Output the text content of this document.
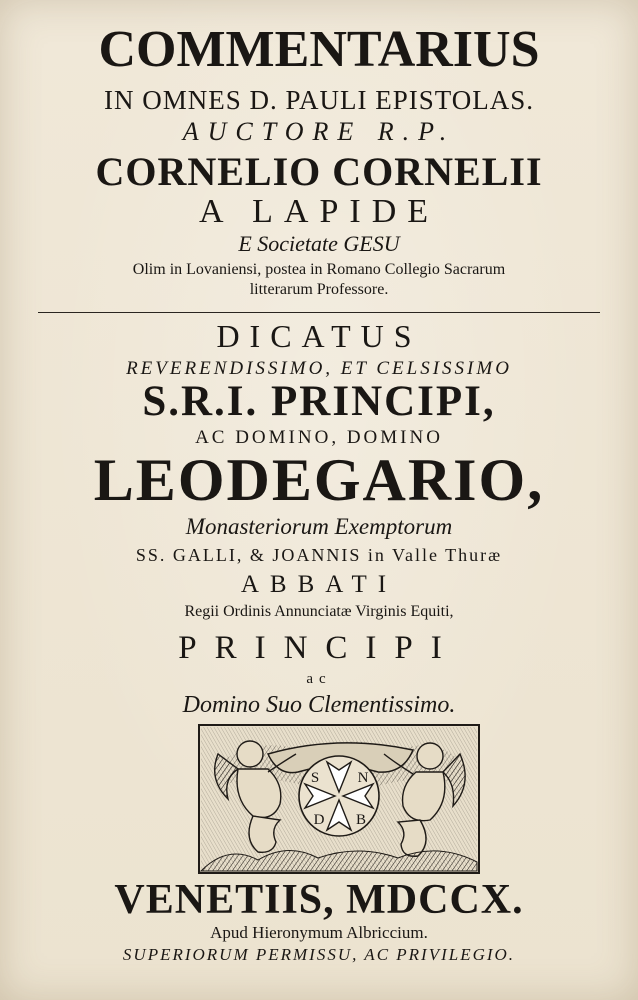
COMMENTARIUS
IN OMNES D. PAULI EPISTOLAS.
AUCTORE R.P.
CORNELIO CORNELII
A LAPIDE
E Societate GESU
Olim in Lovaniensi, postea in Romano Collegio Sacrarum
litterarum Professore.
DICATUS
REVERENDISSIMO, ET CELSISSIMO
S.R.I. PRINCIPI,
AC DOMINO, DOMINO
LEODEGARIO,
Monasteriorum Exemptorum
SS. GALLI, & JOANNIS in Valle Thuræ
ABBATI
Regii Ordinis Annunciatæ Virginis Equiti,
PRINCIPI
ac
Domino Suo Clementissimo.
S	N
D B
VENETIIS, MDCCX.
Apud Hieronymum Albriccium.
SUPERIORUM PERMISSU, AC PRIVILEGIO.
